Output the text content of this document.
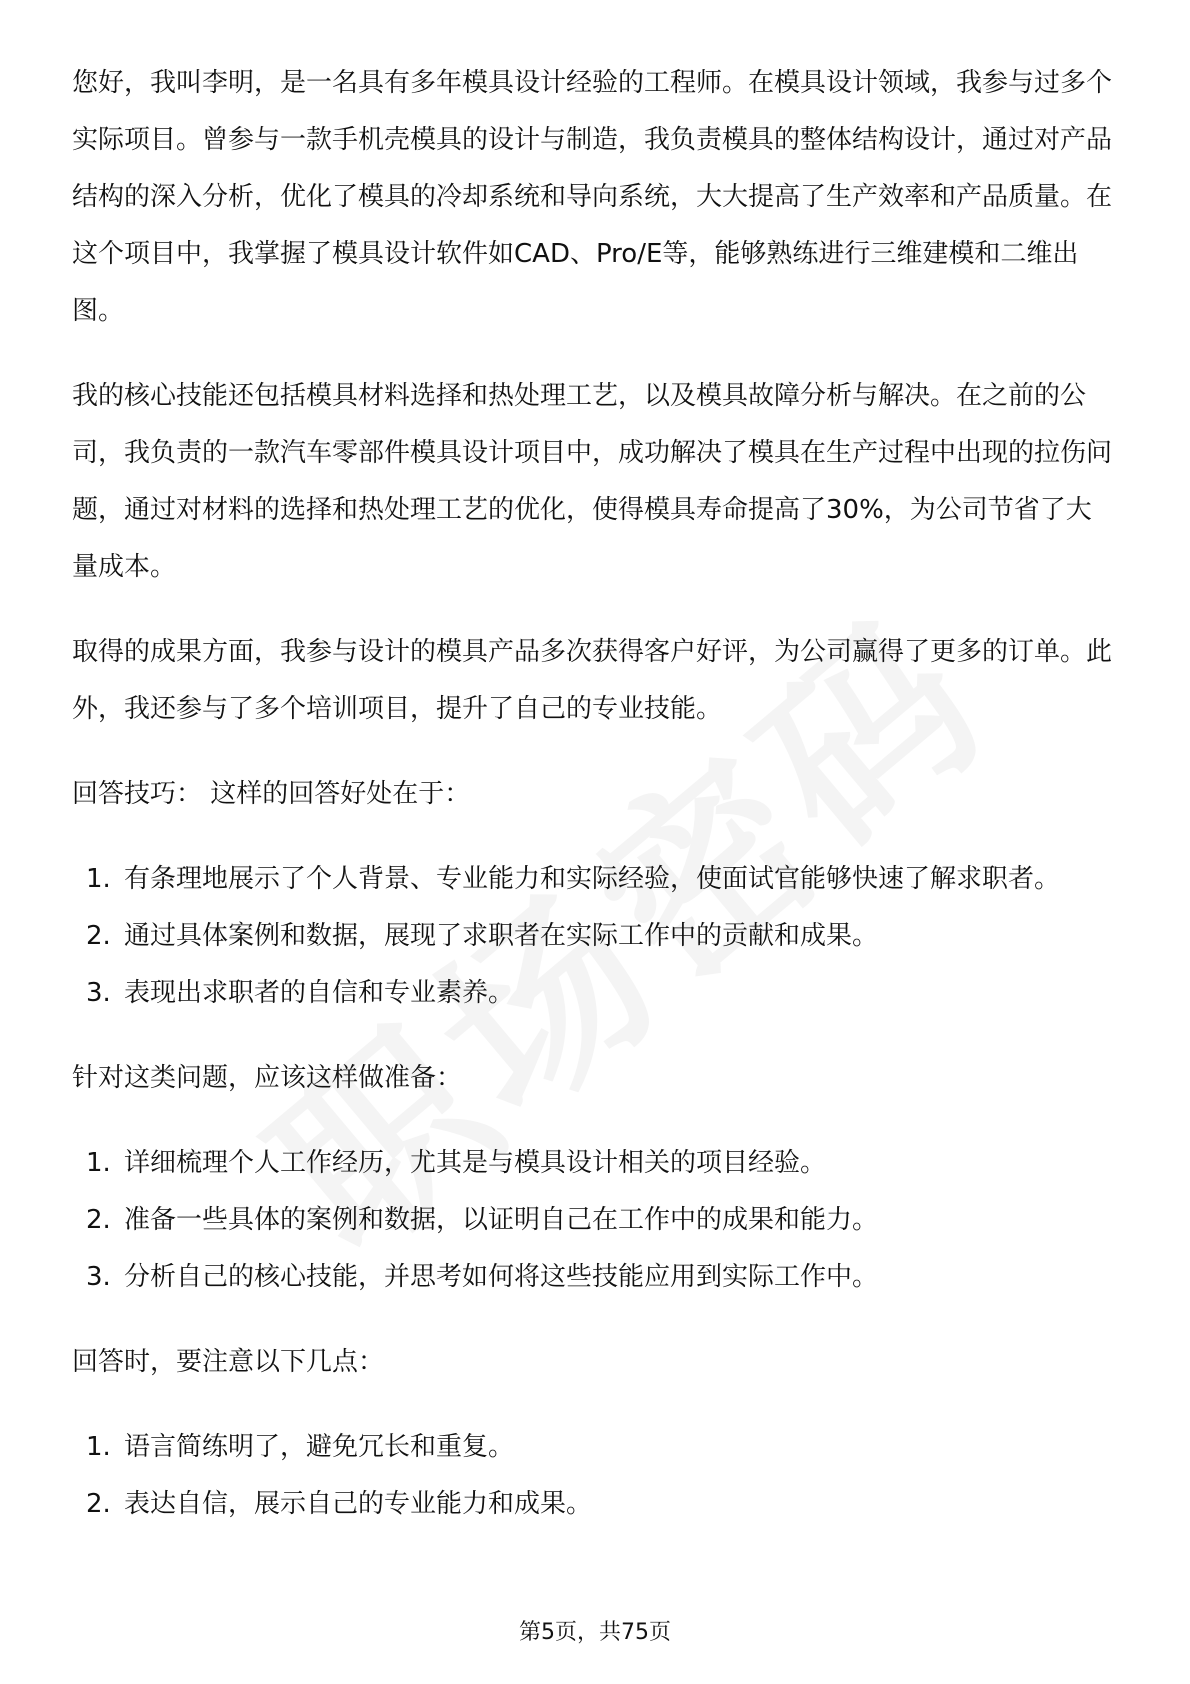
您好，我叫李明，是一名具有多年模具设计经验的工程师。在模具设计领域，我参与过多个实际项目。曾参与一款手机壳模具的设计与制造，我负责模具的整体结构设计，通过对产品结构的深入分析，优化了模具的冷却系统和导向系统，大大提高了生产效率和产品质量。在这个项目中，我掌握了模具设计软件如CAD、Pro/E等，能够熟练进行三维建模和二维出图。

我的核心技能还包括模具材料选择和热处理工艺，以及模具故障分析与解决。在之前的公司，我负责的一款汽车零部件模具设计项目中，成功解决了模具在生产过程中出现的拉伤问题，通过对材料的选择和热处理工艺的优化，使得模具寿命提高了30%，为公司节省了大量成本。

取得的成果方面，我参与设计的模具产品多次获得客户好评，为公司赢得了更多的订单。此外，我还参与了多个培训项目，提升了自己的专业技能。

回答技巧： 这样的回答好处在于：

1. 有条理地展示了个人背景、专业能力和实际经验，使面试官能够快速了解求职者。
2. 通过具体案例和数据，展现了求职者在实际工作中的贡献和成果。
3. 表现出求职者的自信和专业素养。

针对这类问题，应该这样做准备：

1. 详细梳理个人工作经历，尤其是与模具设计相关的项目经验。
2. 准备一些具体的案例和数据，以证明自己在工作中的成果和能力。
3. 分析自己的核心技能，并思考如何将这些技能应用到实际工作中。

回答时，要注意以下几点：

1. 语言简练明了，避免冗长和重复。
2. 表达自信，展示自己的专业能力和成果。
第5页，共75页
